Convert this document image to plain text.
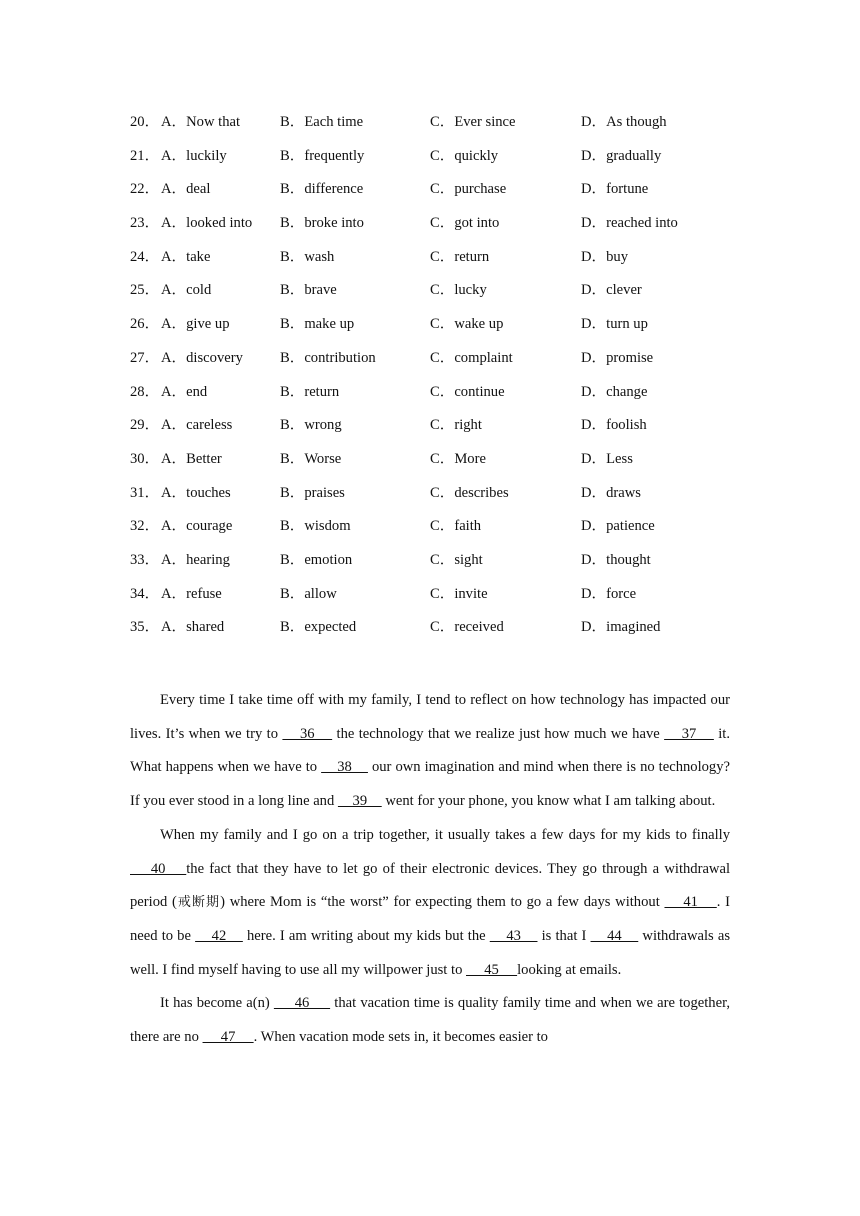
20． A．Now that	B．Each time	C．Ever since	D．As though
21． A．luckily	B．frequently	C．quickly	D．gradually
22． A．deal	B．difference	C．purchase	D．fortune
23． A．looked into B．broke into	C．got into	D．reached into
24． A．take	B．wash	C．return	D．buy
25． A．cold	B．brave	C．lucky	D．clever
26． A．give up	B．make up	C．wake up	D．turn up
27． A．discovery	B．contribution	C．complaint	D．promise
28． A．end	B．return	C．continue	D．change
29． A．careless	B．wrong	C．right	D．foolish
30． A．Better	B．Worse	C．More	D．Less
31． A．touches	B．praises	C．describes	D．draws
32． A．courage	B．wisdom	C．faith	D．patience
33． A．hearing	B．emotion	C．sight	D．thought
34． A．refuse	B．allow	C．invite	D．force
35． A．shared	B．expected	C．received	D．imagined

Every time I take time off with my family, I tend to reflect on how technology has impacted our lives. It’s when we try to     36     the technology that we realize just how much we have     37     it. What happens when we have to     38     our own imagination and mind when there is no technology? If you ever stood in a long line and     39     went for your phone, you know what I am talking about.

When my family and I go on a trip together, it usually takes a few days for my kids to finally     40    the fact that they have to let go of their electronic devices. They go through a withdrawal period (戒断期) where Mom is “the worst” for expecting them to go a few days without     41    . I need to be     42     here. I am writing about my kids but the     43     is that I     44     withdrawals as well. I find myself having to use all my willpower just to      45     looking at emails.

It has become a(n)      46      that vacation time is quality family time and when we are together, there are no      47     . When vacation mode sets in, it becomes easier to
